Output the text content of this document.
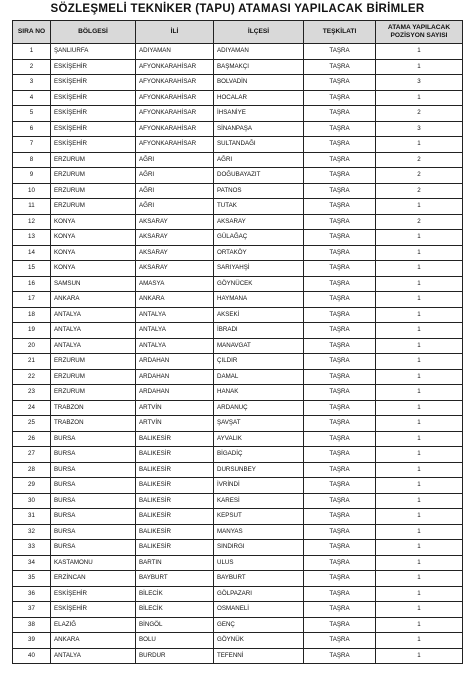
SÖZLEŞMELİ TEKNİKER (TAPU) ATAMASI YAPILACAK BİRİMLER
SIRA NO	BÖLGESİ	İLİ	İLÇESİ	TEŞKİLATI	ATAMA YAPILACAK POZİSYON SAYISI
1	ŞANLIURFA	ADIYAMAN	ADIYAMAN	TAŞRA	1
2	ESKİŞEHİR	AFYONKARAHİSAR	BAŞMAKÇI	TAŞRA	1
3	ESKİŞEHİR	AFYONKARAHİSAR	BOLVADİN	TAŞRA	3
4	ESKİŞEHİR	AFYONKARAHİSAR	HOCALAR	TAŞRA	1
5	ESKİŞEHİR	AFYONKARAHİSAR	İHSANİYE	TAŞRA	2
6	ESKİŞEHİR	AFYONKARAHİSAR	SİNANPAŞA	TAŞRA	3
7	ESKİŞEHİR	AFYONKARAHİSAR	SULTANDAĞI	TAŞRA	1
8	ERZURUM	AĞRI	AĞRI	TAŞRA	2
9	ERZURUM	AĞRI	DOĞUBAYAZIT	TAŞRA	2
10	ERZURUM	AĞRI	PATNOS	TAŞRA	2
11	ERZURUM	AĞRI	TUTAK	TAŞRA	1
12	KONYA	AKSARAY	AKSARAY	TAŞRA	2
13	KONYA	AKSARAY	GÜLAĞAÇ	TAŞRA	1
14	KONYA	AKSARAY	ORTAKÖY	TAŞRA	1
15	KONYA	AKSARAY	SARIYAHŞİ	TAŞRA	1
16	SAMSUN	AMASYA	GÖYNÜCEK	TAŞRA	1
17	ANKARA	ANKARA	HAYMANA	TAŞRA	1
18	ANTALYA	ANTALYA	AKSEKİ	TAŞRA	1
19	ANTALYA	ANTALYA	İBRADI	TAŞRA	1
20	ANTALYA	ANTALYA	MANAVGAT	TAŞRA	1
21	ERZURUM	ARDAHAN	ÇILDIR	TAŞRA	1
22	ERZURUM	ARDAHAN	DAMAL	TAŞRA	1
23	ERZURUM	ARDAHAN	HANAK	TAŞRA	1
24	TRABZON	ARTVİN	ARDANUÇ	TAŞRA	1
25	TRABZON	ARTVİN	ŞAVŞAT	TAŞRA	1
26	BURSA	BALIKESİR	AYVALIK	TAŞRA	1
27	BURSA	BALIKESİR	BİGADİÇ	TAŞRA	1
28	BURSA	BALIKESİR	DURSUNBEY	TAŞRA	1
29	BURSA	BALIKESİR	İVRİNDİ	TAŞRA	1
30	BURSA	BALIKESİR	KARESİ	TAŞRA	1
31	BURSA	BALIKESİR	KEPSUT	TAŞRA	1
32	BURSA	BALIKESİR	MANYAS	TAŞRA	1
33	BURSA	BALIKESİR	SINDIRGI	TAŞRA	1
34	KASTAMONU	BARTIN	ULUS	TAŞRA	1
35	ERZİNCAN	BAYBURT	BAYBURT	TAŞRA	1
36	ESKİŞEHİR	BİLECİK	GÖLPAZARI	TAŞRA	1
37	ESKİŞEHİR	BİLECİK	OSMANELİ	TAŞRA	1
38	ELAZIĞ	BİNGÖL	GENÇ	TAŞRA	1
39	ANKARA	BOLU	GÖYNÜK	TAŞRA	1
40	ANTALYA	BURDUR	TEFENNİ	TAŞRA	1
